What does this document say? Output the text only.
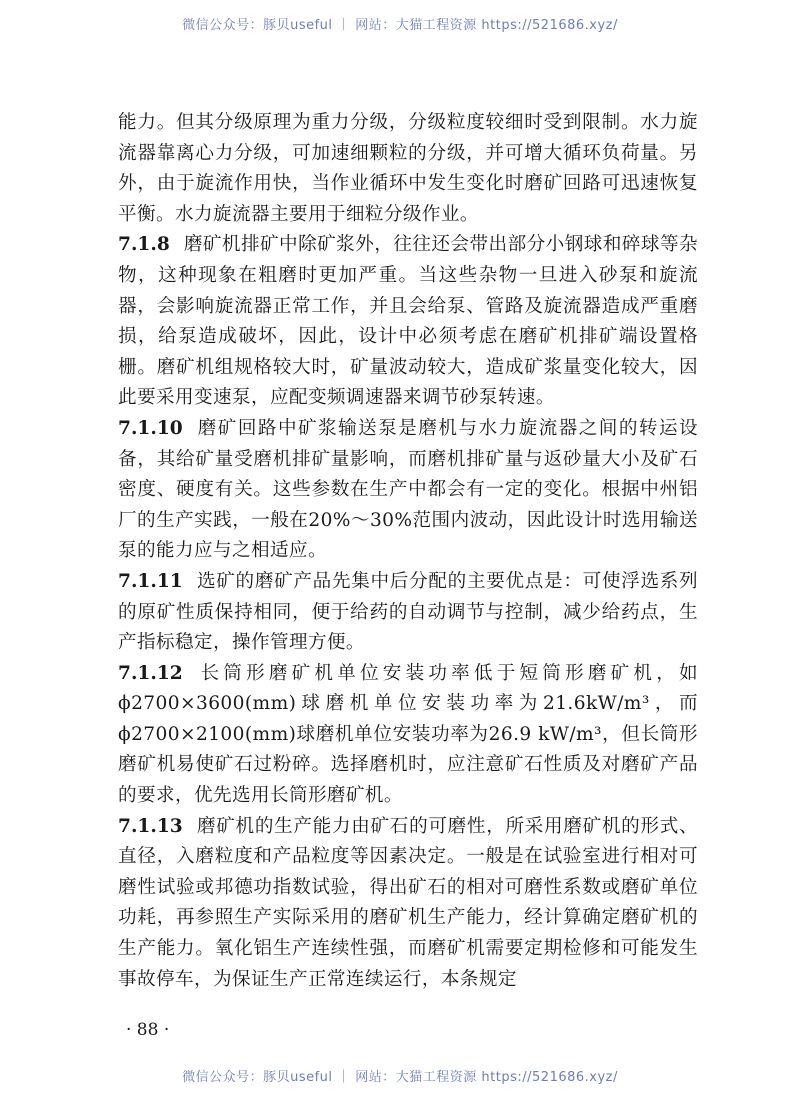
微信公众号：豚贝useful ｜ 网站：大猫工程资源 https://521686.xyz/

能力。但其分级原理为重力分级，分级粒度较细时受到限制。水力旋流器靠离心力分级，可加速细颗粒的分级，并可增大循环负荷量。另外，由于旋流作用快，当作业循环中发生变化时磨矿回路可迅速恢复平衡。水力旋流器主要用于细粒分级作业。

7.1.8 磨矿机排矿中除矿浆外，往往还会带出部分小钢球和碎球等杂物，这种现象在粗磨时更加严重。当这些杂物一旦进入砂泵和旋流器，会影响旋流器正常工作，并且会给泵、管路及旋流器造成严重磨损，给泵造成破坏，因此，设计中必须考虑在磨矿机排矿端设置格栅。磨矿机组规格较大时，矿量波动较大，造成矿浆量变化较大，因此要采用变速泵，应配变频调速器来调节砂泵转速。

7.1.10 磨矿回路中矿浆输送泵是磨机与水力旋流器之间的转运设备，其给矿量受磨机排矿量影响，而磨机排矿量与返砂量大小及矿石密度、硬度有关。这些参数在生产中都会有一定的变化。根据中州铝厂的生产实践，一般在20%～30%范围内波动，因此设计时选用输送泵的能力应与之相适应。

7.1.11 选矿的磨矿产品先集中后分配的主要优点是：可使浮选系列的原矿性质保持相同，便于给药的自动调节与控制，减少给药点，生产指标稳定，操作管理方便。

7.1.12 长筒形磨矿机单位安装功率低于短筒形磨矿机，如ϕ2700×3600(mm)球磨机单位安装功率为21.6kW/m³，而ϕ2700×2100(mm)球磨机单位安装功率为26.9 kW/m³，但长筒形磨矿机易使矿石过粉碎。选择磨机时，应注意矿石性质及对磨矿产品的要求，优先选用长筒形磨矿机。

7.1.13 磨矿机的生产能力由矿石的可磨性，所采用磨矿机的形式、直径，入磨粒度和产品粒度等因素决定。一般是在试验室进行相对可磨性试验或邦德功指数试验，得出矿石的相对可磨性系数或磨矿单位功耗，再参照生产实际采用的磨矿机生产能力，经计算确定磨矿机的生产能力。氧化铝生产连续性强，而磨矿机需要定期检修和可能发生事故停车，为保证生产正常连续运行，本条规定

· 88 ·
微信公众号：豚贝useful ｜ 网站：大猫工程资源 https://521686.xyz/
